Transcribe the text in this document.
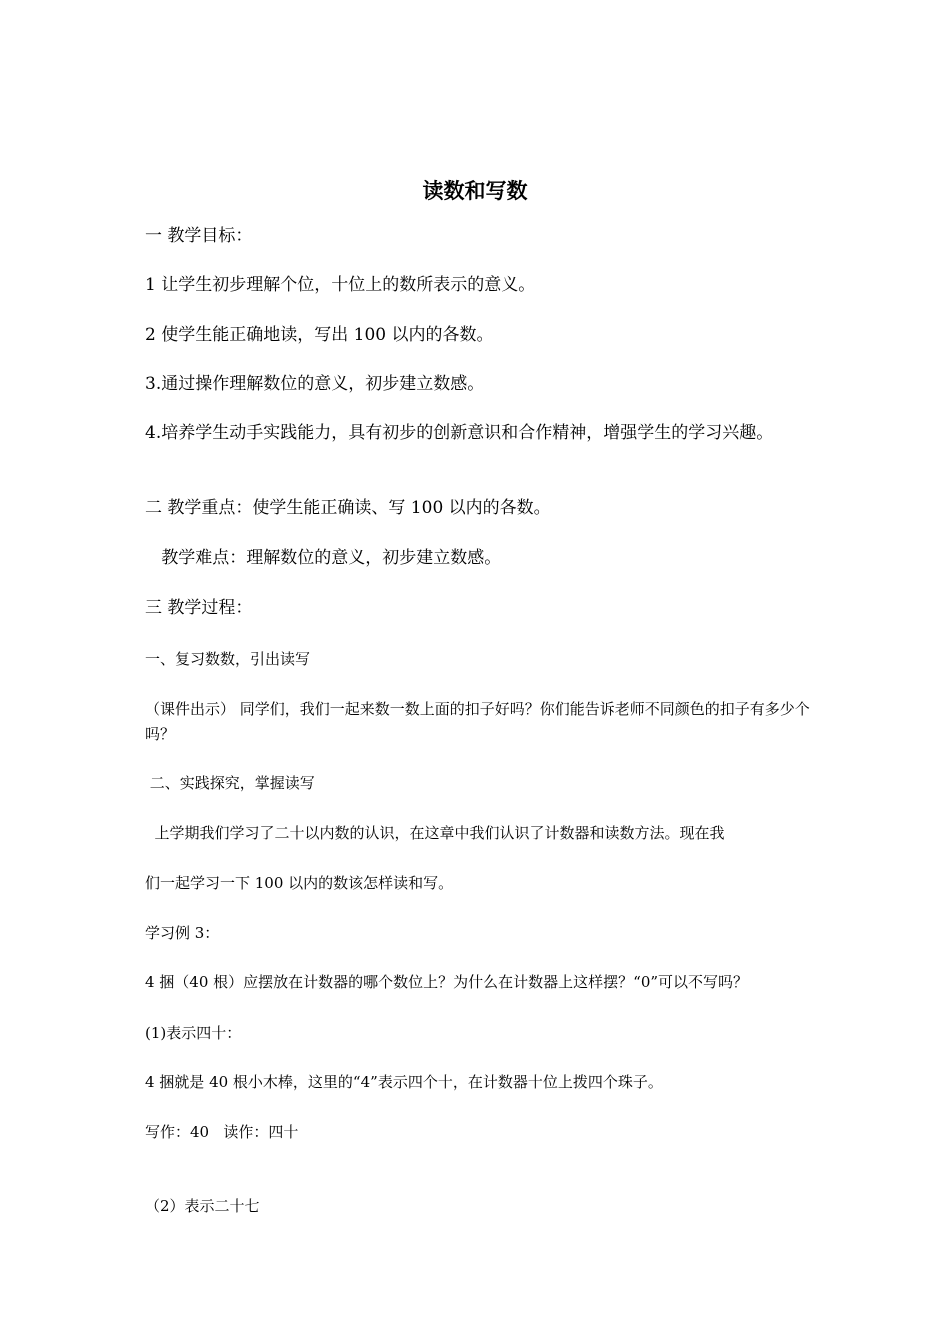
读数和写数

一 教学目标：

1 让学生初步理解个位，十位上的数所表示的意义。

2 使学生能正确地读，写出 100 以内的各数。

3.通过操作理解数位的意义，初步建立数感。

4.培养学生动手实践能力，具有初步的创新意识和合作精神，增强学生的学习兴趣。

二 教学重点：使学生能正确读、写 100 以内的各数。

教学难点：理解数位的意义，初步建立数感。

三 教学过程：

一、复习数数，引出读写

（课件出示） 同学们，我们一起来数一数上面的扣子好吗？你们能告诉老师不同颜色的扣子有多少个吗？

二、实践探究，掌握读写

上学期我们学习了二十以内数的认识，在这章中我们认识了计数器和读数方法。现在我

们一起学习一下 100 以内的数该怎样读和写。

学习例 3：

4 捆（40 根）应摆放在计数器的哪个数位上？为什么在计数器上这样摆？“0”可以不写吗？

(1)表示四十：

4 捆就是 40 根小木棒，这里的“4”表示四个十，在计数器十位上拨四个珠子。

写作：40   读作：四十

（2）表示二十七
